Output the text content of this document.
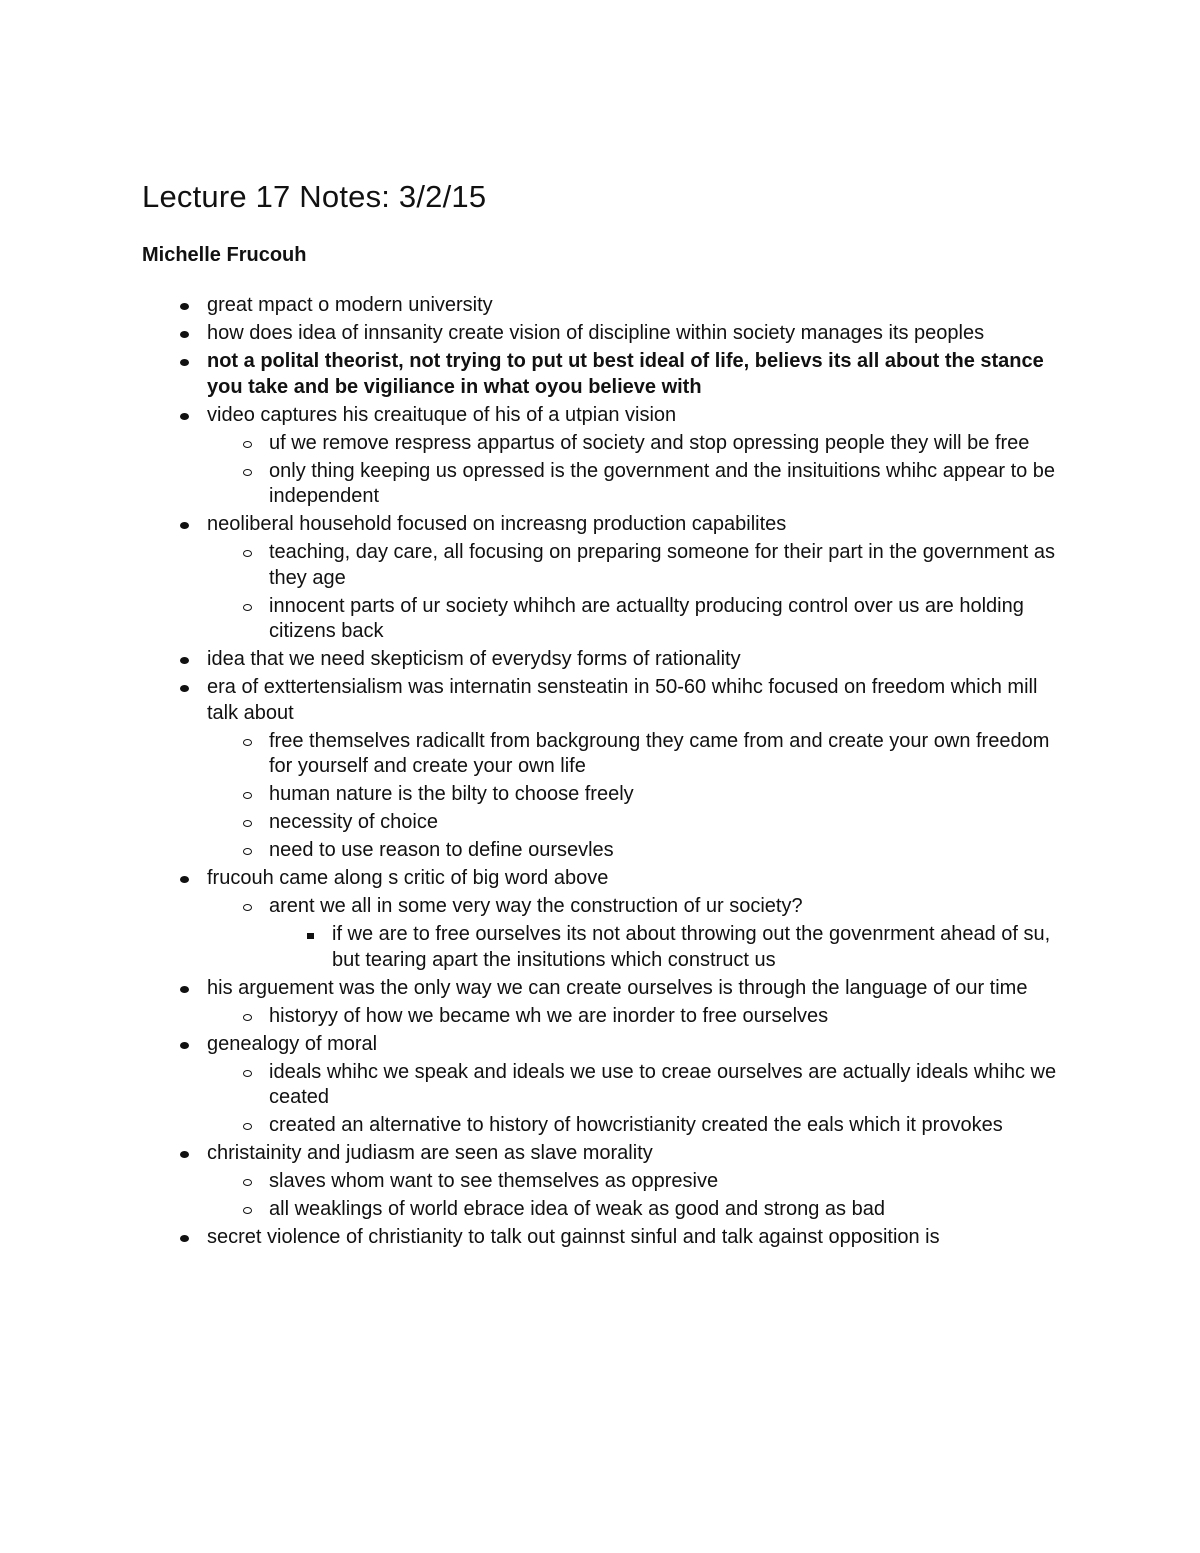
Lecture 17 Notes: 3/2/15
Michelle Frucouh
great mpact o modern university
how does idea of innsanity create vision of discipline within society manages its peoples
not a polital theorist, not trying to put ut best ideal of life, believs its all about the stance you take and be vigiliance in what oyou believe with
video captures his creaituque of his of a utpian vision
uf we remove respress appartus of society and stop opressing people they will be free
only thing keeping us opressed is the government and the insituitions whihc appear to be independent
neoliberal household focused on increasng production capabilites
teaching, day care, all focusing on preparing someone for their part in the government as they age
innocent parts of ur society whihch are actuallty producing control over us are holding citizens back
idea that we need skepticism of everydsy forms of rationality
era of exttertensialism was internatin sensteatin in 50-60 whihc focused on freedom which mill talk about
free themselves radicallt from backgroung they came from and create your own freedom for yourself and create your own life
human nature is the bilty to choose freely
necessity of choice
need to use reason to define oursevles
frucouh came along s critic of big word above
arent we all in some very way the construction of ur society?
if we are to free ourselves its not about throwing out the govenrment ahead of su, but tearing apart the insitutions which construct us
his arguement was the only way we can create ourselves is through the language of our time
historyy of how we became wh we are inorder to free ourselves
genealogy of moral
ideals whihc we speak and ideals we use to creae ourselves are actually ideals whihc we ceated
created an alternative to history of howcristianity created the eals which it provokes
christainity and judiasm are seen as slave morality
slaves whom want to see themselves as oppresive
all weaklings of world ebrace idea of weak as good and strong as bad
secret violence of christianity to talk out gainnst sinful and talk against opposition is
